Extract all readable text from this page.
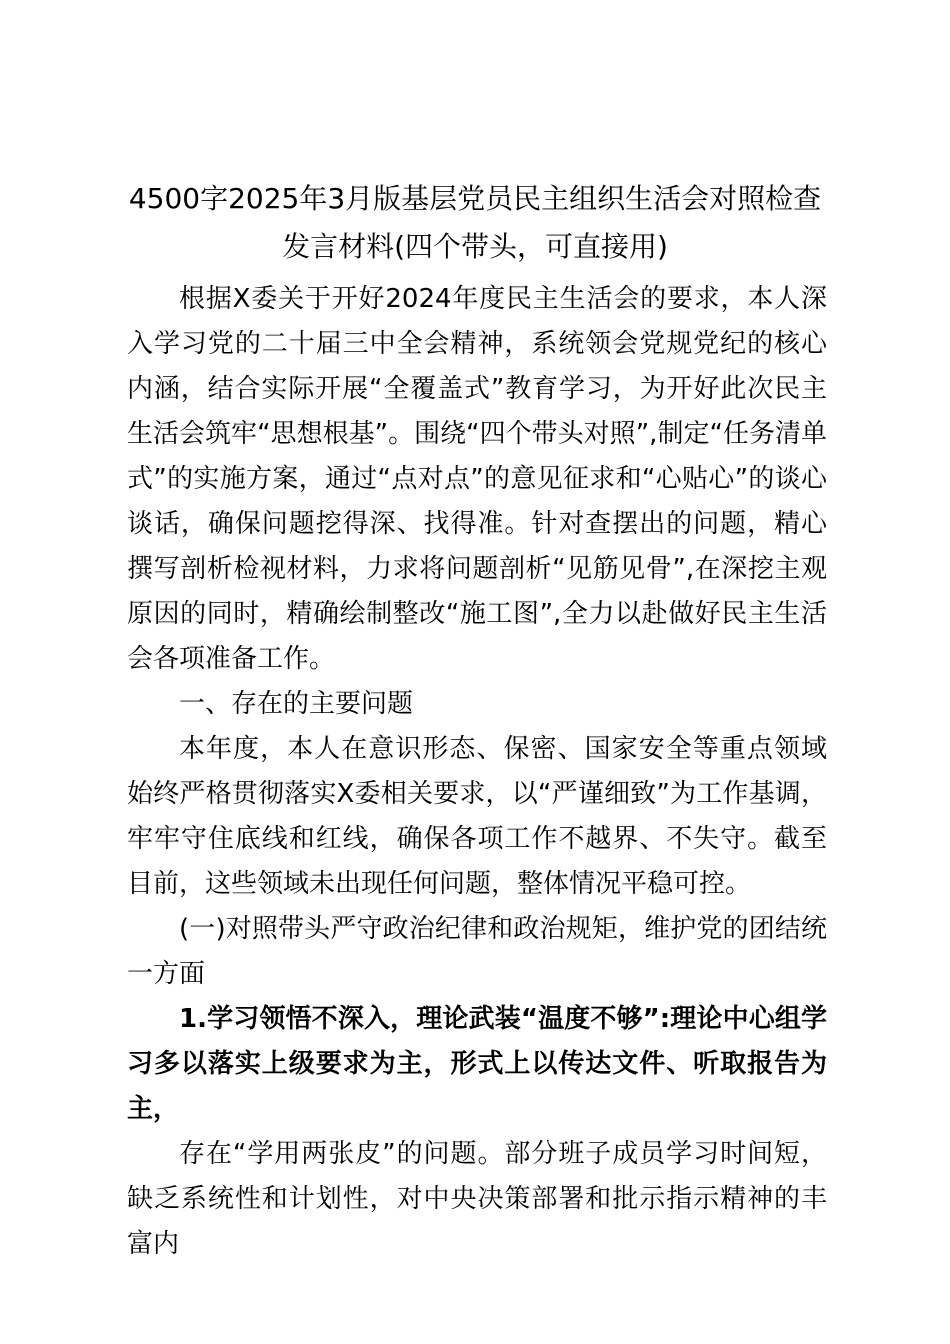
4500字2025年3月版基层党员民主组织生活会对照检查发言材料(四个带头，可直接用)

根据X委关于开好2024年度民主生活会的要求，本人深入学习党的二十届三中全会精神，系统领会党规党纪的核心内涵，结合实际开展“全覆盖式”教育学习，为开好此次民主生活会筑牢“思想根基”。围绕“四个带头对照”,制定“任务清单式”的实施方案，通过“点对点”的意见征求和“心贴心”的谈心谈话，确保问题挖得深、找得准。针对查摆出的问题，精心撰写剖析检视材料，力求将问题剖析“见筋见骨”,在深挖主观原因的同时，精确绘制整改“施工图”,全力以赴做好民主生活会各项准备工作。

一、存在的主要问题

本年度，本人在意识形态、保密、国家安全等重点领域始终严格贯彻落实X委相关要求，以“严谨细致”为工作基调，牢牢守住底线和红线，确保各项工作不越界、不失守。截至目前，这些领域未出现任何问题，整体情况平稳可控。

(一)对照带头严守政治纪律和政治规矩，维护党的团结统一方面

1.学习领悟不深入，理论武装“温度不够”:理论中心组学习多以落实上级要求为主，形式上以传达文件、听取报告为主，

存在“学用两张皮”的问题。部分班子成员学习时间短，缺乏系统性和计划性，对中央决策部署和批示指示精神的丰富内
